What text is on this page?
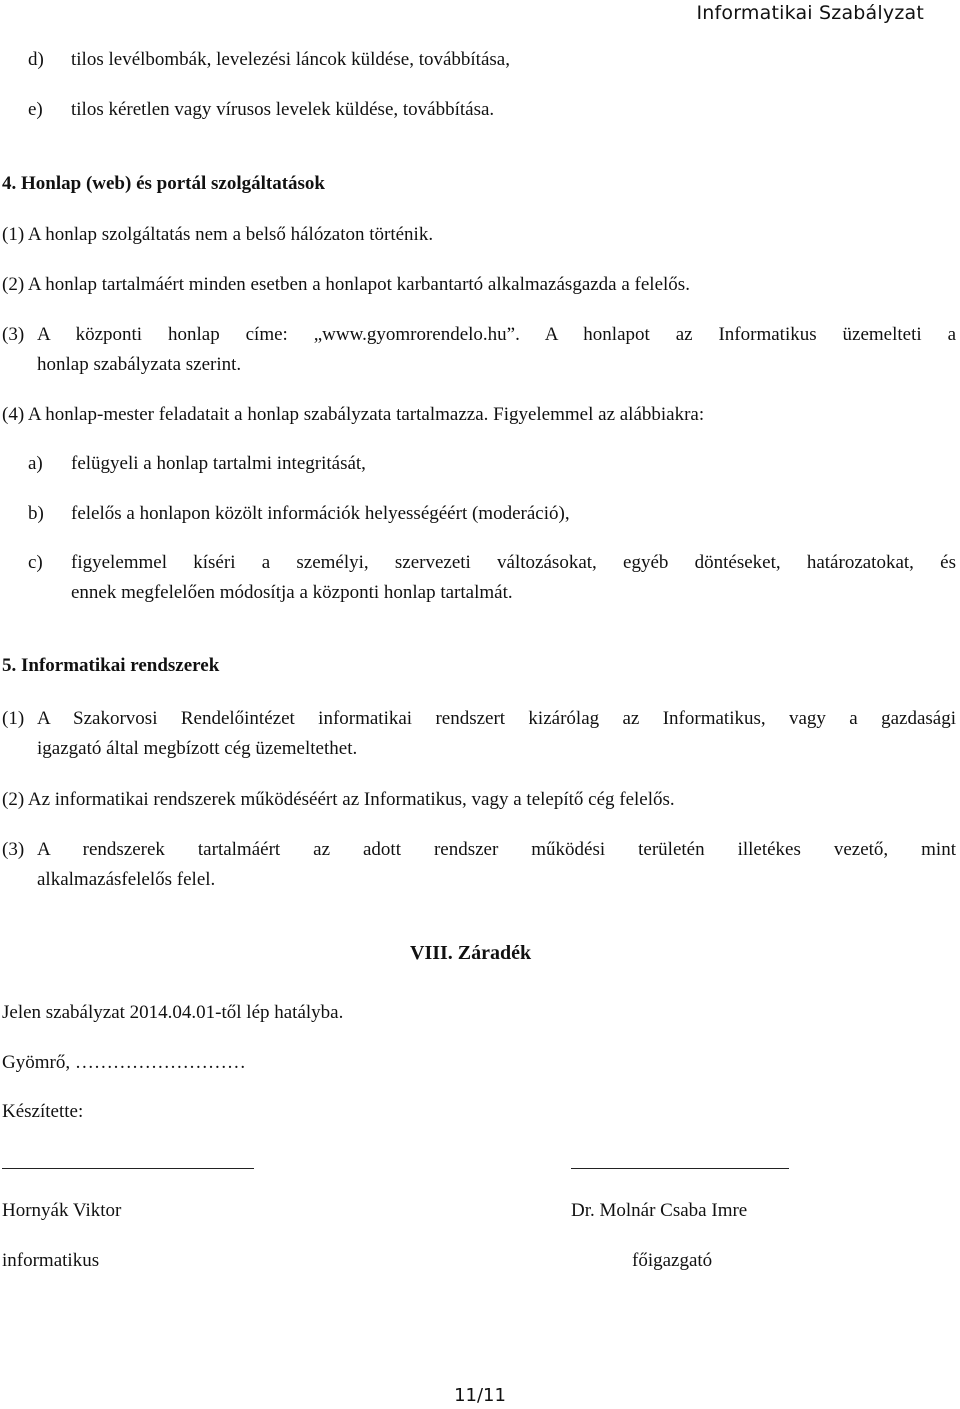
Informatikai Szabályzat
d) tilos levélbombák, levelezési láncok küldése, továbbítása,
e) tilos kéretlen vagy vírusos levelek küldése, továbbítása.
4. Honlap (web) és portál szolgáltatások
(1) A honlap szolgáltatás nem a belső hálózaton történik.
(2) A honlap tartalmáért minden esetben a honlapot karbantartó alkalmazásgazda a felelős.
(3) A központi honlap címe: „www.gyomrorendelo.hu”. A honlapot az Informatikus üzemelteti a
honlap szabályzata szerint.
(4) A honlap-mester feladatait a honlap szabályzata tartalmazza. Figyelemmel az alábbiakra:
a) felügyeli a honlap tartalmi integritását,
b) felelős a honlapon közölt információk helyességéért (moderáció),
c) figyelemmel kíséri a személyi, szervezeti változásokat, egyéb döntéseket, határozatokat, és
ennek megfelelően módosítja a központi honlap tartalmát.
5. Informatikai rendszerek
(1) A Szakorvosi Rendelőintézet informatikai rendszert kizárólag az Informatikus, vagy a gazdasági
igazgató által megbízott cég üzemeltethet.
(2) Az informatikai rendszerek működéséért az Informatikus, vagy a telepítő cég felelős.
(3) A rendszerek tartalmáért az adott rendszer működési területén illetékes vezető, mint
alkalmazásfelelős felel.
VIII. Záradék
Jelen szabályzat 2014.04.01-től lép hatályba.
Gyömrő, ………………………
Készítette:
Hornyák Viktor
informatikus
Dr. Molnár Csaba Imre
főigazgató
11/11
